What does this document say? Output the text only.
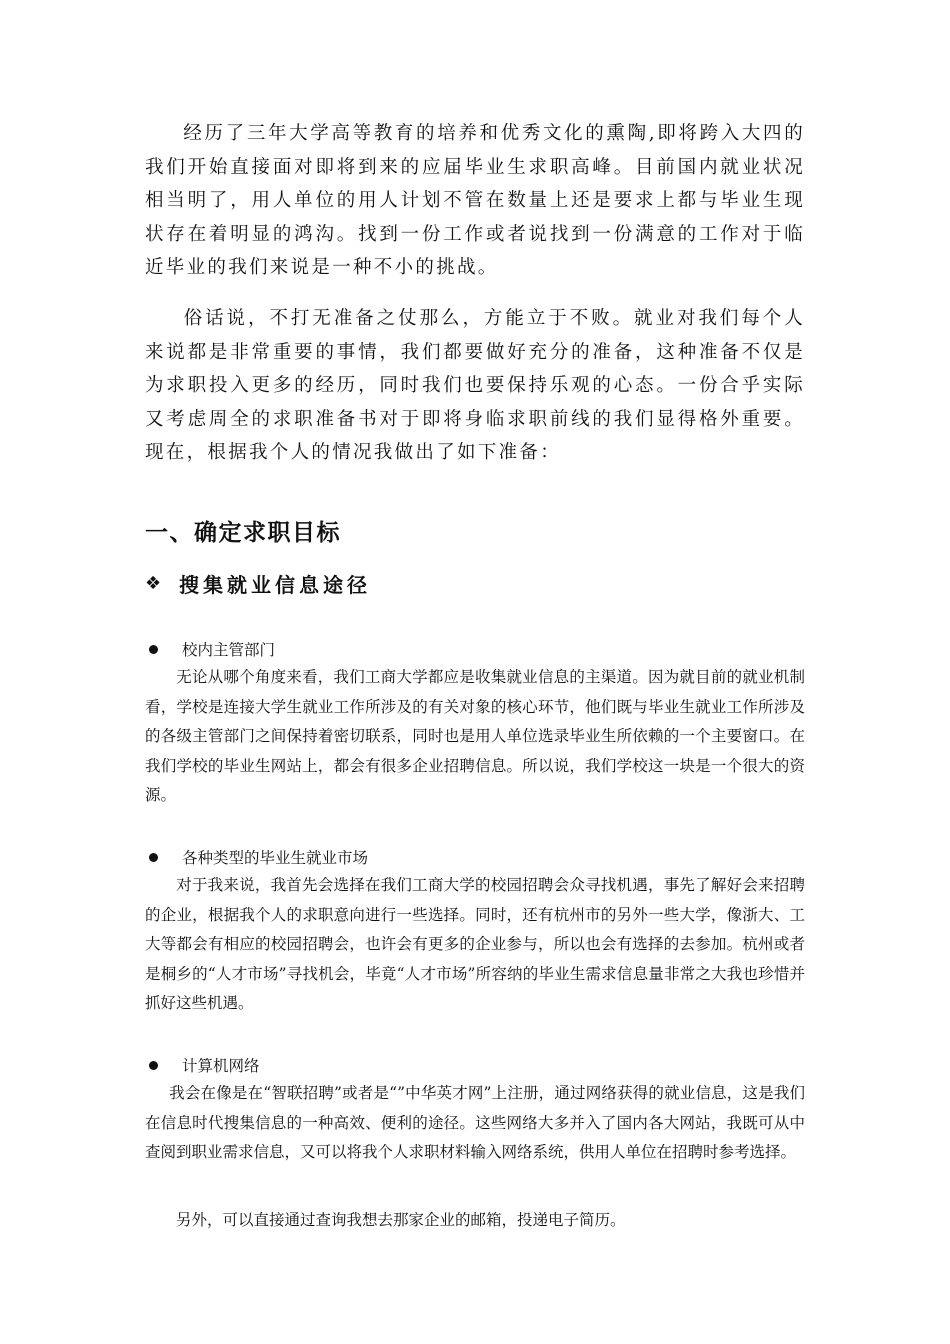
经历了三年大学高等教育的培养和优秀文化的熏陶,即将跨入大四的我们开始直接面对即将到来的应届毕业生求职高峰。目前国内就业状况相当明了，用人单位的用人计划不管在数量上还是要求上都与毕业生现状存在着明显的鸿沟。找到一份工作或者说找到一份满意的工作对于临近毕业的我们来说是一种不小的挑战。

俗话说，不打无准备之仗那么，方能立于不败。就业对我们每个人来说都是非常重要的事情，我们都要做好充分的准备，这种准备不仅是为求职投入更多的经历，同时我们也要保持乐观的心态。一份合乎实际又考虑周全的求职准备书对于即将身临求职前线的我们显得格外重要。现在，根据我个人的情况我做出了如下准备：

一、确定求职目标
❖ 搜集就业信息途径
校内主管部门

无论从哪个角度来看，我们工商大学都应是收集就业信息的主渠道。因为就目前的就业机制看，学校是连接大学生就业工作所涉及的有关对象的核心环节，他们既与毕业生就业工作所涉及的各级主管部门之间保持着密切联系，同时也是用人单位选录毕业生所依赖的一个主要窗口。在我们学校的毕业生网站上，都会有很多企业招聘信息。所以说，我们学校这一块是一个很大的资源。

各种类型的毕业生就业市场

对于我来说，我首先会选择在我们工商大学的校园招聘会众寻找机遇，事先了解好会来招聘的企业，根据我个人的求职意向进行一些选择。同时，还有杭州市的另外一些大学，像浙大、工大等都会有相应的校园招聘会，也许会有更多的企业参与，所以也会有选择的去参加。杭州或者是桐乡的“人才市场”寻找机会，毕竟“人才市场”所容纳的毕业生需求信息量非常之大我也珍惜并抓好这些机遇。

计算机网络

我会在像是在“智联招聘”或者是“”中华英才网”上注册，通过网络获得的就业信息，这是我们在信息时代搜集信息的一种高效、便利的途径。这些网络大多并入了国内各大网站，我既可从中查阅到职业需求信息，又可以将我个人求职材料输入网络系统，供用人单位在招聘时参考选择。

另外，可以直接通过查询我想去那家企业的邮箱，投递电子简历。
